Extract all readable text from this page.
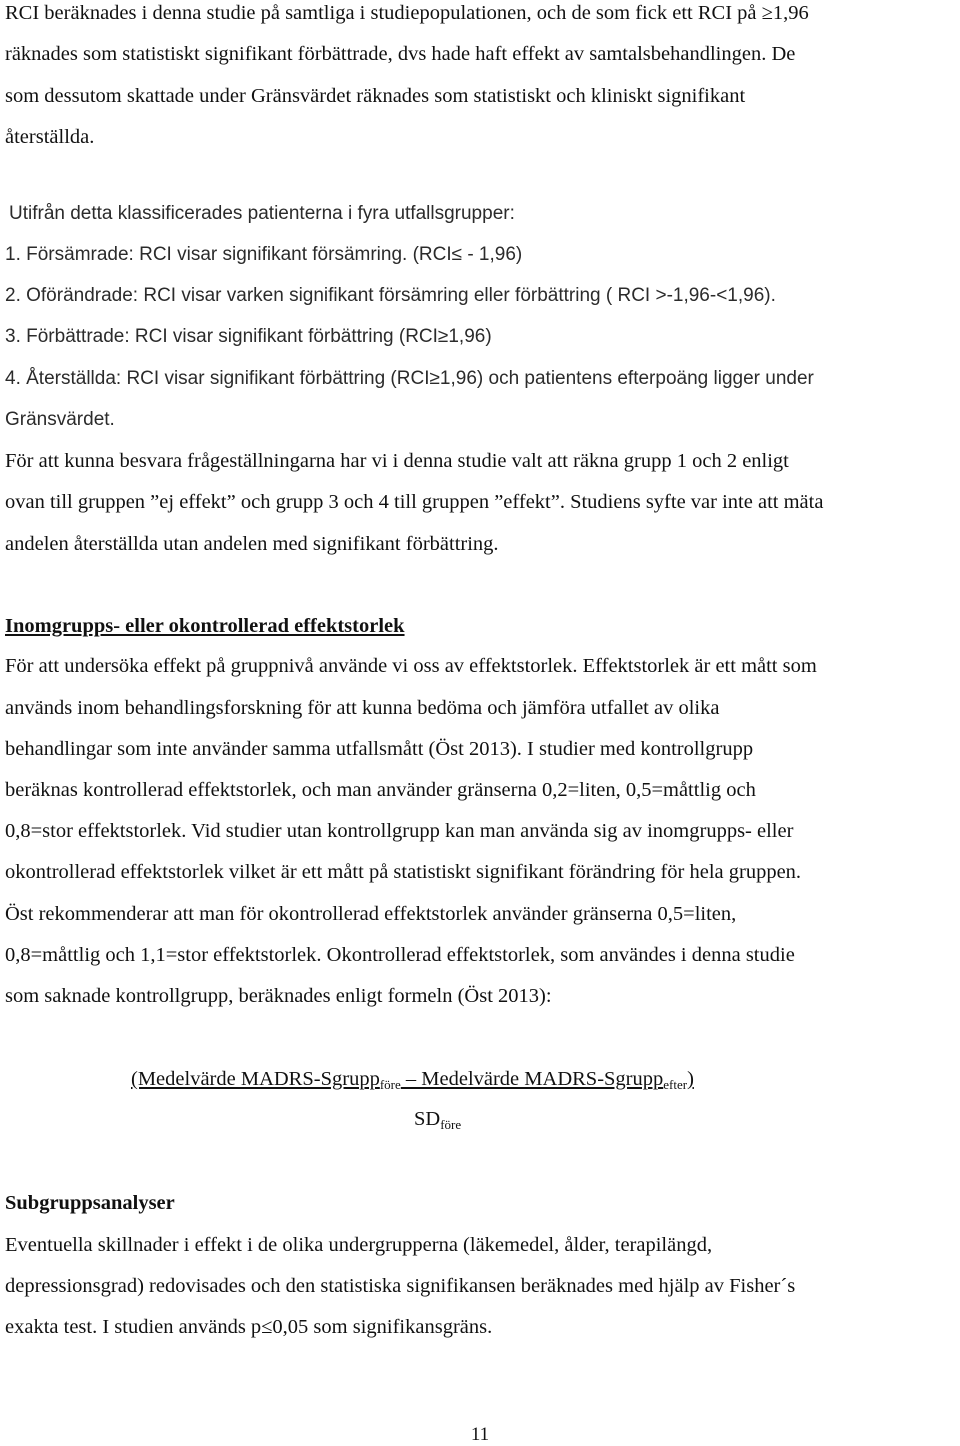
RCI beräknades i denna studie på samtliga i studiepopulationen, och de som fick ett RCI på ≥1,96
räknades som statistiskt signifikant förbättrade, dvs hade haft effekt av samtalsbehandlingen. De
som dessutom skattade under Gränsvärdet räknades som statistiskt och kliniskt signifikant
återställda.
Utifrån detta klassificerades patienterna i fyra utfallsgrupper:
1. Försämrade: RCI visar signifikant försämring. (RCI≤ - 1,96)
2. Oförändrade: RCI visar varken signifikant försämring eller förbättring ( RCI >-1,96-<1,96).
3. Förbättrade: RCI visar signifikant förbättring (RCI≥1,96)
4. Återställda: RCI visar signifikant förbättring (RCI≥1,96) och patientens efterpoäng ligger under
Gränsvärdet.
För att kunna besvara frågeställningarna har vi i denna studie valt att räkna grupp 1 och 2 enligt
ovan till gruppen ”ej effekt” och grupp 3 och 4 till gruppen ”effekt”. Studiens syfte var inte att mäta
andelen återställda utan andelen med signifikant förbättring.
Inomgrupps- eller okontrollerad effektstorlek
För att undersöka effekt på gruppnivå använde vi oss av effektstorlek. Effektstorlek är ett mått som
används inom behandlingsforskning för att kunna bedöma och jämföra utfallet av olika
behandlingar som inte använder samma utfallsmått (Öst 2013). I studier med kontrollgrupp
beräknas kontrollerad effektstorlek, och man använder gränserna 0,2=liten, 0,5=måttlig och
0,8=stor effektstorlek. Vid studier utan kontrollgrupp kan man använda sig av inomgrupps- eller
okontrollerad effektstorlek vilket är ett mått på statistiskt signifikant förändring för hela gruppen.
Öst rekommenderar att man för okontrollerad effektstorlek använder gränserna 0,5=liten,
0,8=måttlig och 1,1=stor effektstorlek. Okontrollerad effektstorlek, som användes i denna studie
som saknade kontrollgrupp, beräknades enligt formeln (Öst 2013):
(Medelvärde MADRS-Sgrupp$_{före}$ – Medelvärde MADRS-Sgrupp$_{efter}$)
$SD_{före}$
Subgruppsanalyser
Eventuella skillnader i effekt i de olika undergrupperna (läkemedel, ålder, terapilängd,
depressionsgrad) redovisades och den statistiska signifikansen beräknades med hjälp av Fisher´s
exakta test. I studien används p≤0,05 som signifikansgräns.
11
